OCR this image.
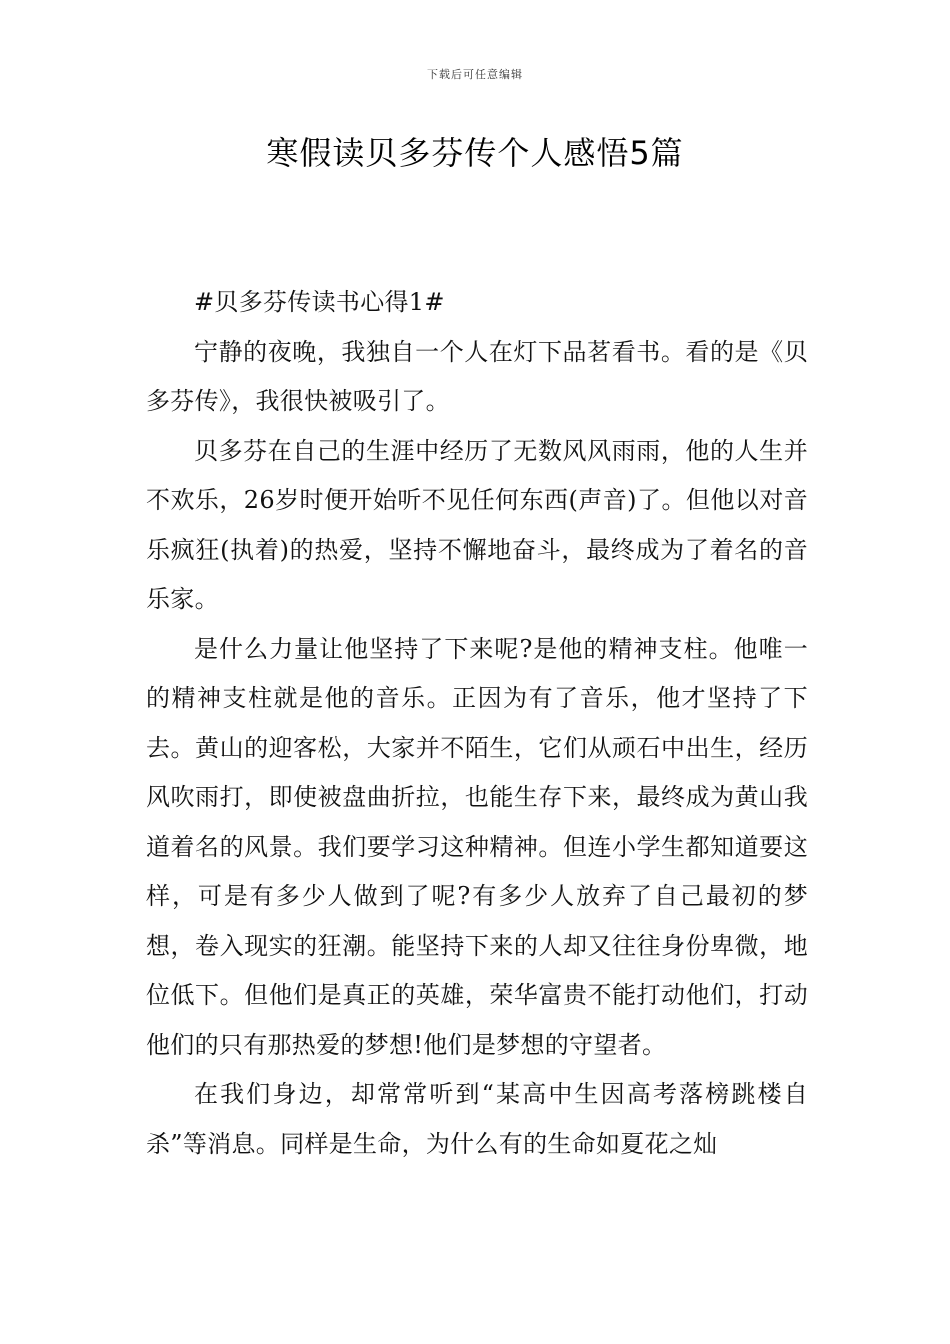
下载后可任意编辑
寒假读贝多芬传个人感悟5篇

#贝多芬传读书心得1#

宁静的夜晚，我独自一个人在灯下品茗看书。看的是《贝多芬传》，我很快被吸引了。

贝多芬在自己的生涯中经历了无数风风雨雨，他的人生并不欢乐，26岁时便开始听不见任何东西(声音)了。但他以对音乐疯狂(执着)的热爱，坚持不懈地奋斗，最终成为了着名的音乐家。

是什么力量让他坚持了下来呢?是他的精神支柱。他唯一的精神支柱就是他的音乐。正因为有了音乐，他才坚持了下去。黄山的迎客松，大家并不陌生，它们从顽石中出生，经历风吹雨打，即使被盘曲折拉，也能生存下来，最终成为黄山我道着名的风景。我们要学习这种精神。但连小学生都知道要这样，可是有多少人做到了呢?有多少人放弃了自己最初的梦想，卷入现实的狂潮。能坚持下来的人却又往往身份卑微，地位低下。但他们是真正的英雄，荣华富贵不能打动他们，打动他们的只有那热爱的梦想!他们是梦想的守望者。

在我们身边，却常常听到“某高中生因高考落榜跳楼自杀”等消息。同样是生命，为什么有的生命如夏花之灿
